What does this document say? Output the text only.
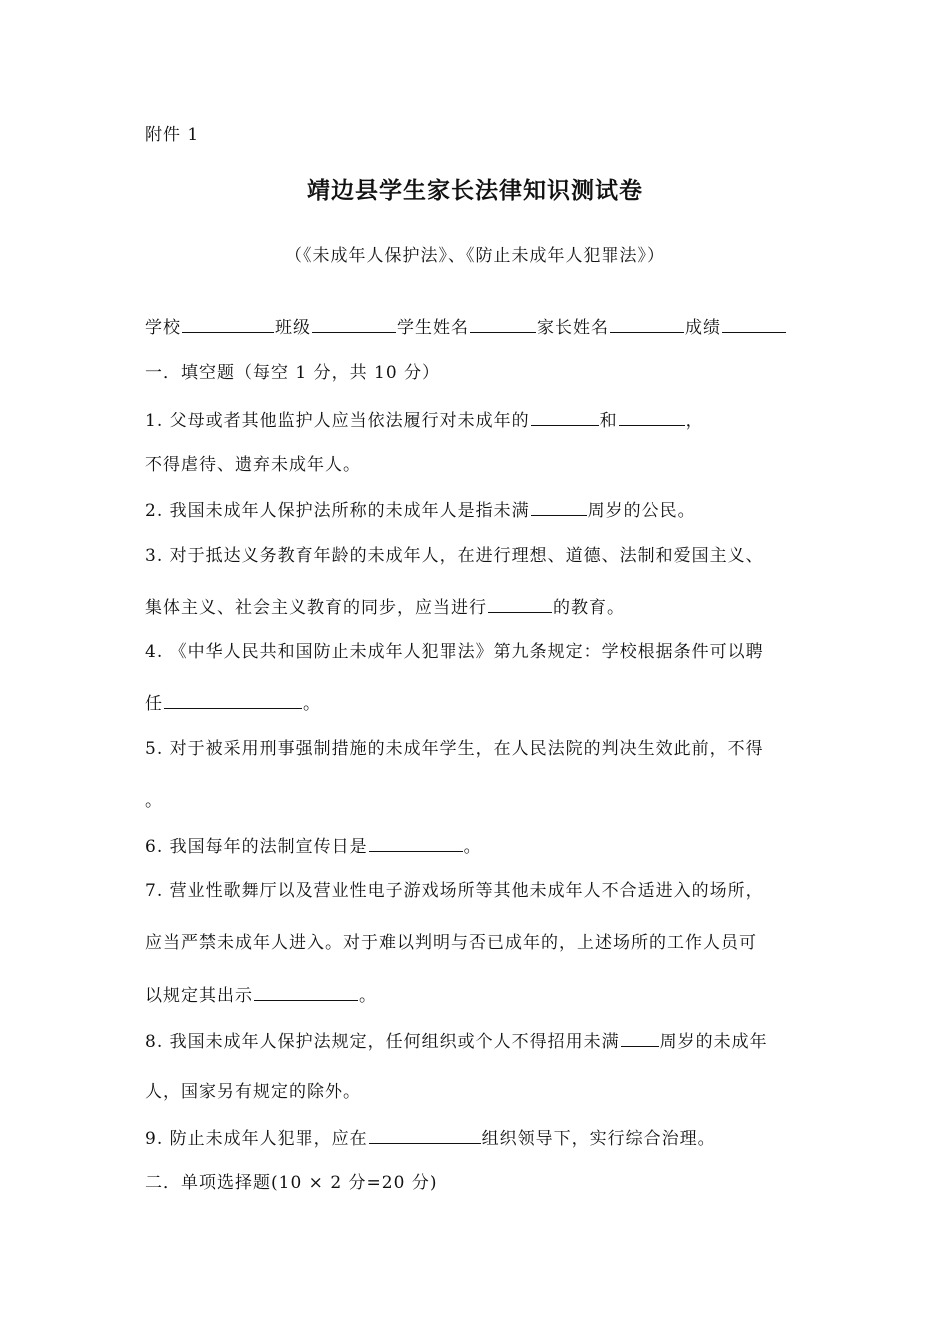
附件 1
靖边县学生家长法律知识测试卷
（《未成年人保护法》、《防止未成年人犯罪法》）
学校	班级	学生姓名	家长姓名	成绩
一．填空题（每空 1 分，共 10 分）
1. 父母或者其他监护人应当依法履行对未成年的	和	，
不得虐待、遗弃未成年人。
2. 我国未成年人保护法所称的未成年人是指未满	周岁的公民。
3. 对于抵达义务教育年龄的未成年人，在进行理想、道德、法制和爱国主义、
集体主义、社会主义教育的同步，应当进行	的教育。
4. 《中华人民共和国防止未成年人犯罪法》第九条规定：学校根据条件可以聘
任	。
5. 对于被采用刑事强制措施的未成年学生，在人民法院的判决生效此前，不得
。
6. 我国每年的法制宣传日是	。
7. 营业性歌舞厅以及营业性电子游戏场所等其他未成年人不合适进入的场所，
应当严禁未成年人进入。对于难以判明与否已成年的，上述场所的工作人员可
以规定其出示	。
8. 我国未成年人保护法规定，任何组织或个人不得招用未满 周岁的未成年
人，国家另有规定的除外。
9. 防止未成年人犯罪，应在	组织领导下，实行综合治理。
二．单项选择题(10 × 2 分=20 分)
